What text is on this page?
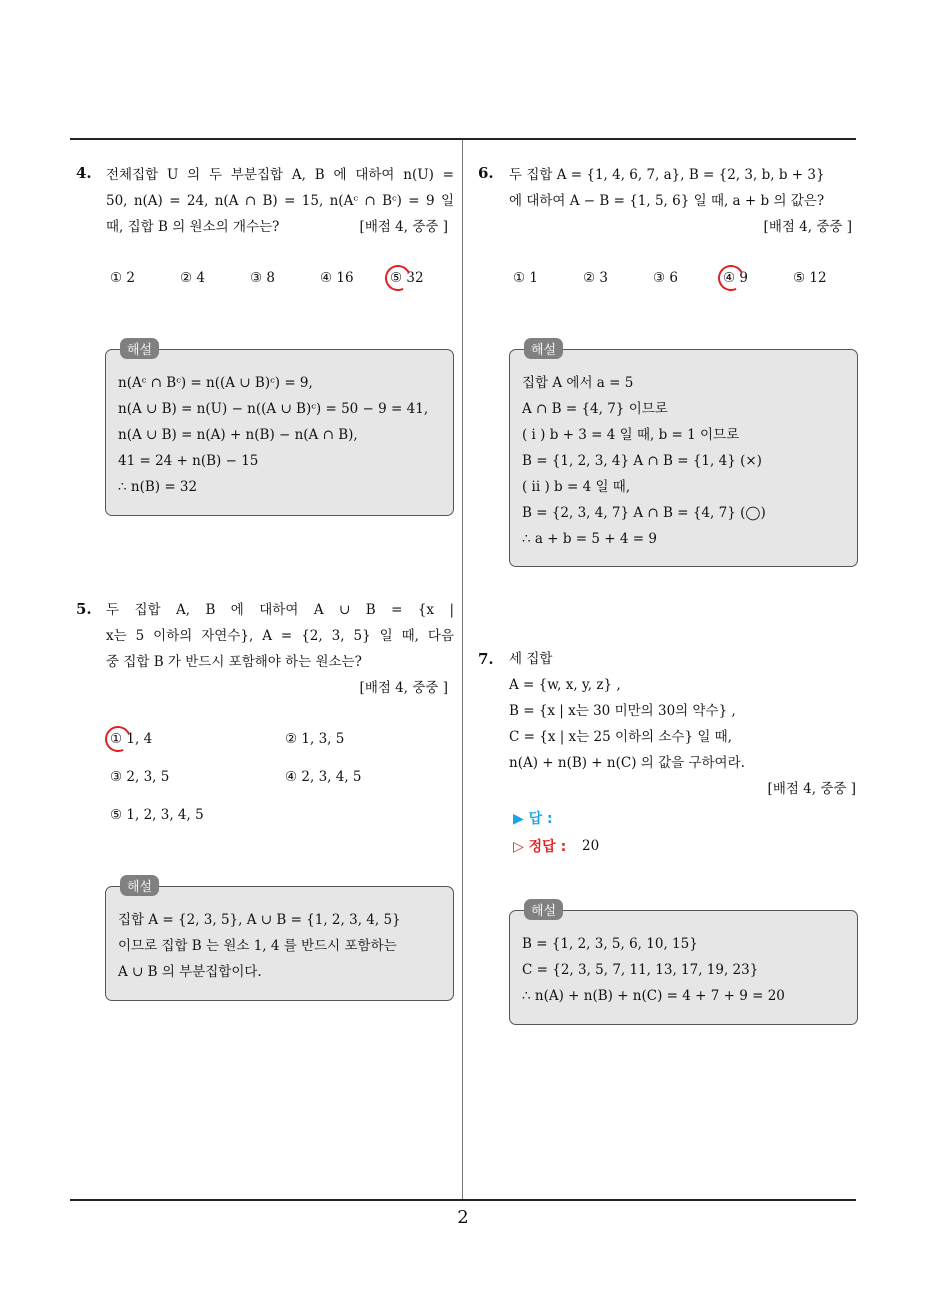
4. 전체집합 U 의 두 부분집합 A, B 에 대하여 n(U) =
50, n(A) = 24, n(A ∩ B) = 15, n(Aᶜ ∩ Bᶜ) = 9 일
때, 집합 B 의 원소의 개수는?	[배점 4, 중중 ]
① 2	② 4	③ 8	④ 16	⑤ 32
해설
n(Aᶜ ∩ Bᶜ) = n((A ∪ B)ᶜ) = 9,
n(A ∪ B) = n(U) − n((A ∪ B)ᶜ) = 50 − 9 = 41,
n(A ∪ B) = n(A) + n(B) − n(A ∩ B),
41 = 24 + n(B) − 15
∴ n(B) = 32
5. 두 집합 A, B 에 대하여 A ∪ B = {x |
x는 5 이하의 자연수}, A = {2, 3, 5} 일 때, 다음
중 집합 B 가 반드시 포함해야 하는 원소는?
[배점 4, 중중 ]
① 1, 4	② 1, 3, 5
③ 2, 3, 5	④ 2, 3, 4, 5
⑤ 1, 2, 3, 4, 5
해설
집합 A = {2, 3, 5}, A ∪ B = {1, 2, 3, 4, 5}
이므로 집합 B 는 원소 1, 4 를 반드시 포함하는
A ∪ B 의 부분집합이다.
6. 두 집합 A = {1, 4, 6, 7, a}, B = {2, 3, b, b + 3}
에 대하여 A − B = {1, 5, 6} 일 때, a + b 의 값은?
[배점 4, 중중 ]
① 1	② 3	③ 6	④ 9	⑤ 12
해설
집합 A 에서 a = 5
A ∩ B = {4, 7} 이므로
( i ) b + 3 = 4 일 때, b = 1 이므로
B = {1, 2, 3, 4} A ∩ B = {1, 4} (×)
( ii ) b = 4 일 때,
B = {2, 3, 4, 7} A ∩ B = {4, 7} (◯)
∴ a + b = 5 + 4 = 9
7. 세 집합
A = {w, x, y, z} ,
B = {x | x는 30 미만의 30의 약수} ,
C = {x | x는 25 이하의 소수} 일 때,
n(A) + n(B) + n(C) 의 값을 구하여라.
[배점 4, 중중 ]
▶ 답 :
▷ 정답 : 20
해설
B = {1, 2, 3, 5, 6, 10, 15}
C = {2, 3, 5, 7, 11, 13, 17, 19, 23}
∴ n(A) + n(B) + n(C) = 4 + 7 + 9 = 20
2
